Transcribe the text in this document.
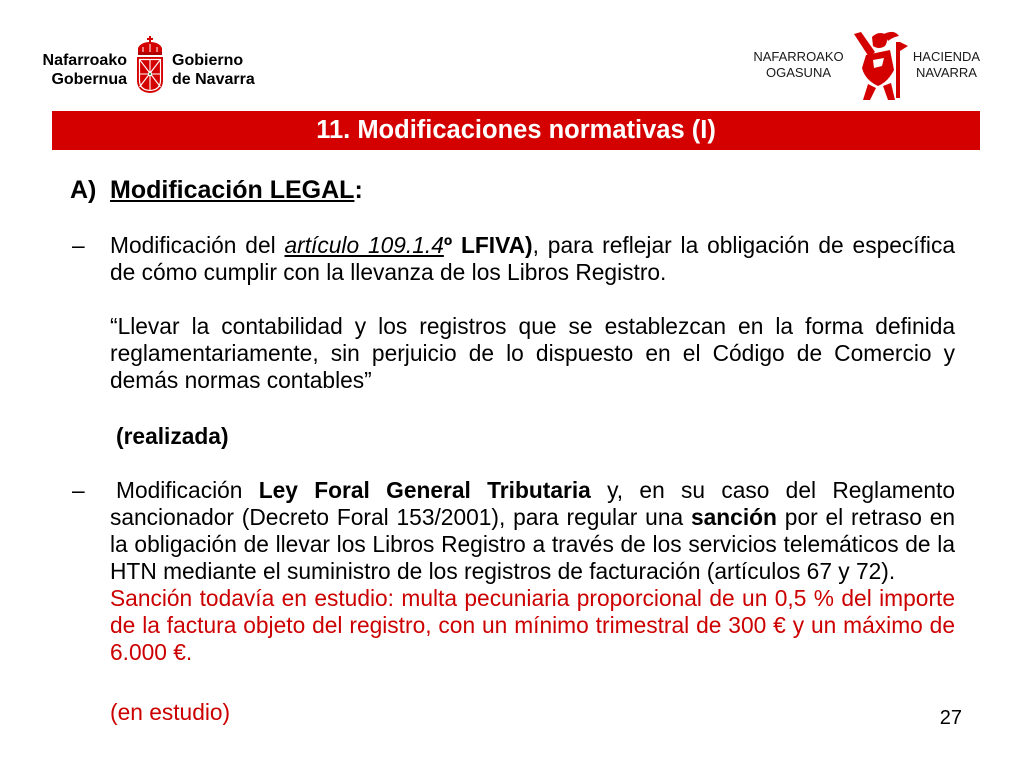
Nafarroako
Gobernua
Gobierno
de Navarra
NAFARROAKO
OGASUNA
HACIENDA
NAVARRA
11. Modificaciones normativas (I)
A) Modificación LEGAL:
– Modificación del artículo 109.1.4º LFIVA), para reflejar la obligación de específica de cómo cumplir con la llevanza de los Libros Registro.
“Llevar la contabilidad y los registros que se establezcan en la forma definida reglamentariamente, sin perjuicio de lo dispuesto en el Código de Comercio y demás normas contables”
(realizada)
– Modificación Ley Foral General Tributaria y, en su caso del Reglamento sancionador (Decreto Foral 153/2001), para regular una sanción por el retraso en la obligación de llevar los Libros Registro a través de los servicios telemáticos de la HTN mediante el suministro de los registros de facturación (artículos 67 y 72).
Sanción todavía en estudio: multa pecuniaria proporcional de un 0,5 % del importe de la factura objeto del registro, con un mínimo trimestral de 300 € y un máximo de 6.000 €.
(en estudio)	27
